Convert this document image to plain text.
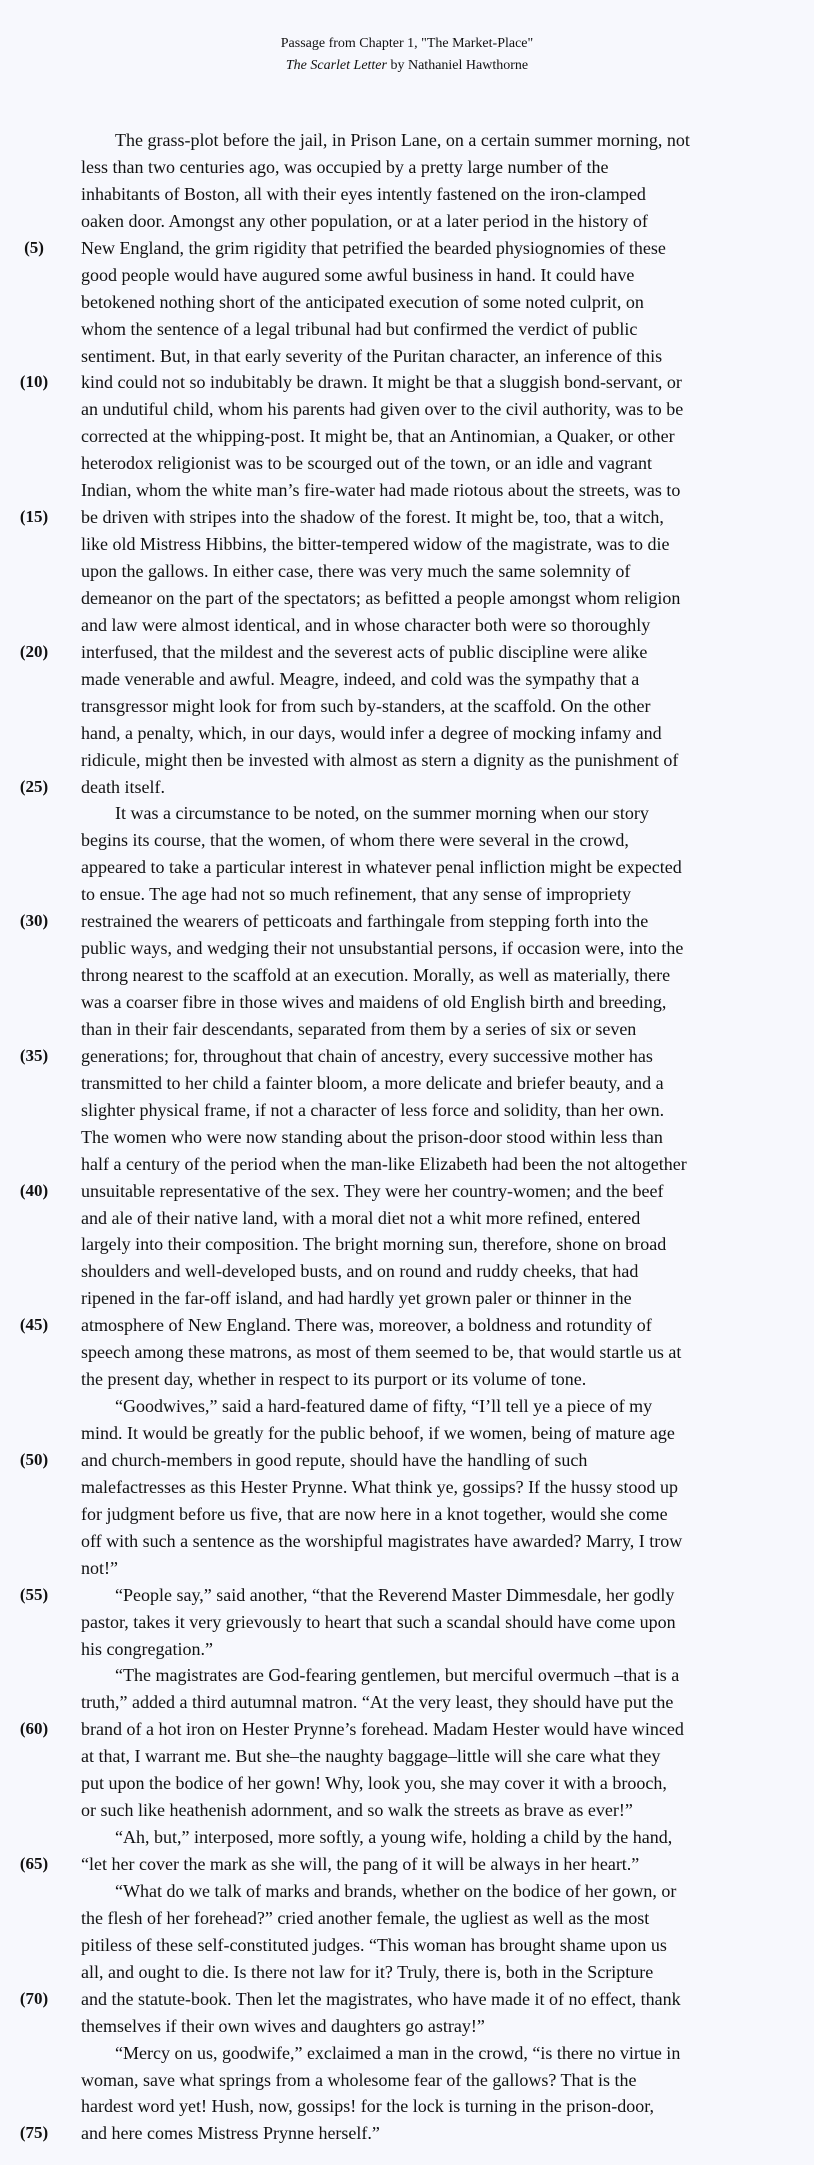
Passage from Chapter 1, "The Market-Place"
The Scarlet Letter by Nathaniel Hawthorne
The grass-plot before the jail, in Prison Lane, on a certain summer morning, not
less than two centuries ago, was occupied by a pretty large number of the
inhabitants of Boston, all with their eyes intently fastened on the iron-clamped
oaken door. Amongst any other population, or at a later period in the history of
(5)	New England, the grim rigidity that petrified the bearded physiognomies of these
good people would have augured some awful business in hand. It could have
betokened nothing short of the anticipated execution of some noted culprit, on
whom the sentence of a legal tribunal had but confirmed the verdict of public
sentiment. But, in that early severity of the Puritan character, an inference of this
(10)	kind could not so indubitably be drawn. It might be that a sluggish bond-servant, or
an undutiful child, whom his parents had given over to the civil authority, was to be
corrected at the whipping-post. It might be, that an Antinomian, a Quaker, or other
heterodox religionist was to be scourged out of the town, or an idle and vagrant
Indian, whom the white man’s fire-water had made riotous about the streets, was to
(15)	be driven with stripes into the shadow of the forest. It might be, too, that a witch,
like old Mistress Hibbins, the bitter-tempered widow of the magistrate, was to die
upon the gallows. In either case, there was very much the same solemnity of
demeanor on the part of the spectators; as befitted a people amongst whom religion
and law were almost identical, and in whose character both were so thoroughly
(20)	interfused, that the mildest and the severest acts of public discipline were alike
made venerable and awful. Meagre, indeed, and cold was the sympathy that a
transgressor might look for from such by-standers, at the scaffold. On the other
hand, a penalty, which, in our days, would infer a degree of mocking infamy and
ridicule, might then be invested with almost as stern a dignity as the punishment of
(25)	death itself.
It was a circumstance to be noted, on the summer morning when our story
begins its course, that the women, of whom there were several in the crowd,
appeared to take a particular interest in whatever penal infliction might be expected
to ensue. The age had not so much refinement, that any sense of impropriety
(30)	restrained the wearers of petticoats and farthingale from stepping forth into the
public ways, and wedging their not unsubstantial persons, if occasion were, into the
throng nearest to the scaffold at an execution. Morally, as well as materially, there
was a coarser fibre in those wives and maidens of old English birth and breeding,
than in their fair descendants, separated from them by a series of six or seven
(35)	generations; for, throughout that chain of ancestry, every successive mother has
transmitted to her child a fainter bloom, a more delicate and briefer beauty, and a
slighter physical frame, if not a character of less force and solidity, than her own.
The women who were now standing about the prison-door stood within less than
half a century of the period when the man-like Elizabeth had been the not altogether
(40)	unsuitable representative of the sex. They were her country-women; and the beef
and ale of their native land, with a moral diet not a whit more refined, entered
largely into their composition. The bright morning sun, therefore, shone on broad
shoulders and well-developed busts, and on round and ruddy cheeks, that had
ripened in the far-off island, and had hardly yet grown paler or thinner in the
(45)	atmosphere of New England. There was, moreover, a boldness and rotundity of
speech among these matrons, as most of them seemed to be, that would startle us at
the present day, whether in respect to its purport or its volume of tone.
“Goodwives,” said a hard-featured dame of fifty, “I’ll tell ye a piece of my
mind. It would be greatly for the public behoof, if we women, being of mature age
(50)	and church-members in good repute, should have the handling of such
malefactresses as this Hester Prynne. What think ye, gossips? If the hussy stood up
for judgment before us five, that are now here in a knot together, would she come
off with such a sentence as the worshipful magistrates have awarded? Marry, I trow
not!”
(55)	“People say,” said another, “that the Reverend Master Dimmesdale, her godly
pastor, takes it very grievously to heart that such a scandal should have come upon
his congregation.”
“The magistrates are God-fearing gentlemen, but merciful overmuch –that is a
truth,” added a third autumnal matron. “At the very least, they should have put the
(60)	brand of a hot iron on Hester Prynne’s forehead. Madam Hester would have winced
at that, I warrant me. But she–the naughty baggage–little will she care what they
put upon the bodice of her gown! Why, look you, she may cover it with a brooch,
or such like heathenish adornment, and so walk the streets as brave as ever!”
“Ah, but,” interposed, more softly, a young wife, holding a child by the hand,
(65)	“let her cover the mark as she will, the pang of it will be always in her heart.”
“What do we talk of marks and brands, whether on the bodice of her gown, or
the flesh of her forehead?” cried another female, the ugliest as well as the most
pitiless of these self-constituted judges. “This woman has brought shame upon us
all, and ought to die. Is there not law for it? Truly, there is, both in the Scripture
(70)	and the statute-book. Then let the magistrates, who have made it of no effect, thank
themselves if their own wives and daughters go astray!”
“Mercy on us, goodwife,” exclaimed a man in the crowd, “is there no virtue in
woman, save what springs from a wholesome fear of the gallows? That is the
hardest word yet! Hush, now, gossips! for the lock is turning in the prison-door,
(75)	and here comes Mistress Prynne herself.”
